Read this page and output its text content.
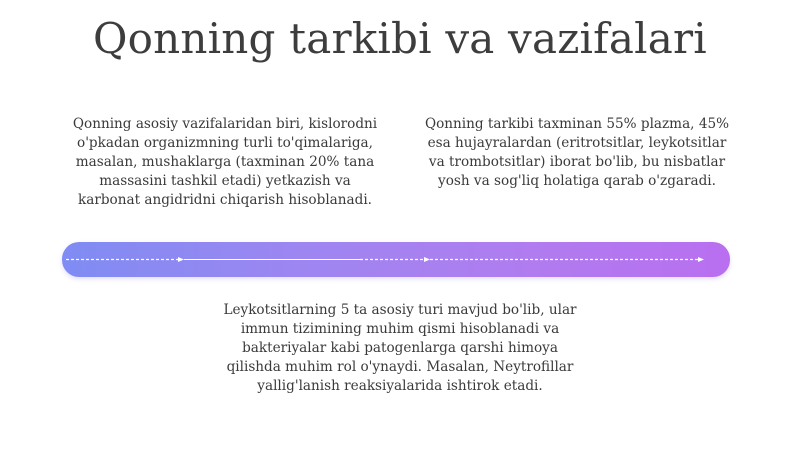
Qonning tarkibi va vazifalari
Qonning asosiy vazifalaridan biri, kislorodni o'pkadan organizmning turli to'qimalariga, masalan, mushaklarga (taxminan 20% tana massasini tashkil etadi) yetkazish va karbonat angidridni chiqarish hisoblanadi.
Qonning tarkibi taxminan 55% plazma, 45% esa hujayralardan (eritrotsitlar, leykotsitlar va trombotsitlar) iborat bo'lib, bu nisbatlar yosh va sog'liq holatiga qarab o'zgaradi.
Leykotsitlarning 5 ta asosiy turi mavjud bo'lib, ular immun tizimining muhim qismi hisoblanadi va bakteriyalar kabi patogenlarga qarshi himoya qilishda muhim rol o'ynaydi. Masalan, Neytrofillar yallig'lanish reaksiyalarida ishtirok etadi.
